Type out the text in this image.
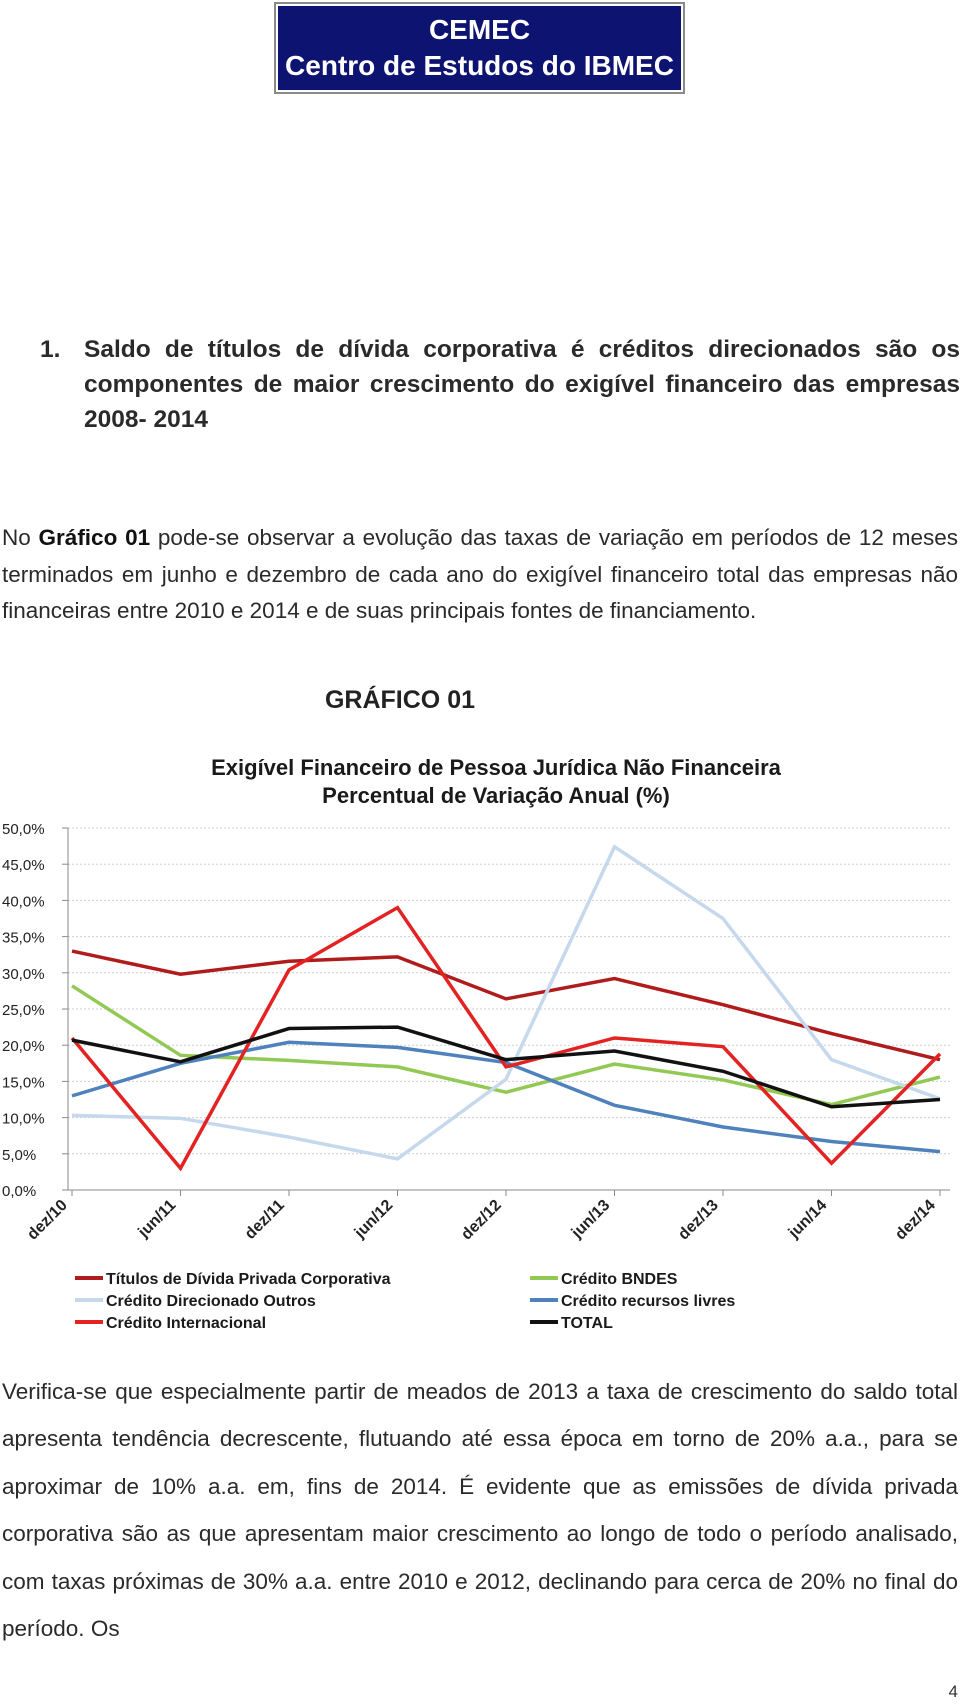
CEMEC
Centro de Estudos do IBMEC
1. Saldo de títulos de dívida corporativa é créditos direcionados são os componentes de maior crescimento do exigível financeiro das empresas 2008- 2014
No Gráfico 01 pode-se observar a evolução das taxas de variação em períodos de 12 meses terminados em junho e dezembro de cada ano do exigível financeiro total das empresas não financeiras entre 2010 e 2014 e de suas principais fontes de financiamento.
GRÁFICO 01
Exigível Financeiro de Pessoa Jurídica Não Financeira
Percentual de Variação Anual (%)
0,0%
5,0%
10,0%
15,0%
20,0%
25,0%
30,0%
35,0%
40,0%
45,0%
50,0%
dez/10	jun/11	dez/11	jun/12	dez/12	jun/13	dez/13	jun/14	dez/14
Títulos de Dívida Privada Corporativa	Crédito BNDES
Crédito Direcionado Outros	Crédito recursos livres
Crédito Internacional	TOTAL
Verifica-se que especialmente partir de meados de 2013 a taxa de crescimento do saldo total apresenta tendência decrescente, flutuando até essa época em torno de 20% a.a., para se aproximar de 10% a.a. em, fins de 2014. É evidente que as emissões de dívida privada corporativa são as que apresentam maior crescimento ao longo de todo o período analisado, com taxas próximas de 30% a.a. entre 2010 e 2012, declinando para cerca de 20% no final do período. Os
4
